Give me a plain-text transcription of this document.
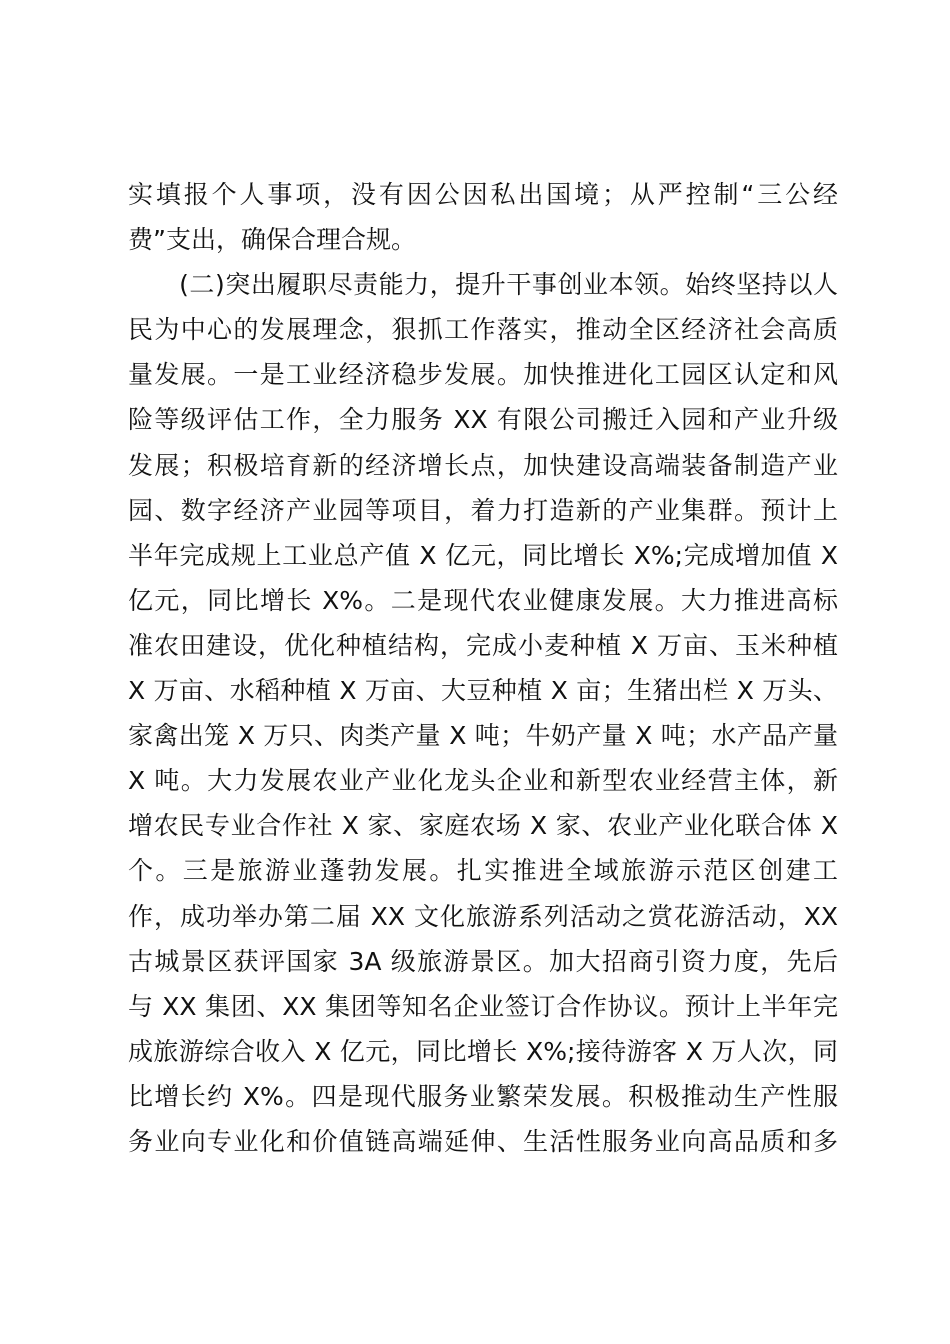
实填报个人事项，没有因公因私出国境；从严控制“三公经
费”支出，确保合理合规。
　　(二)突出履职尽责能力，提升干事创业本领。始终坚持以人
民为中心的发展理念，狠抓工作落实，推动全区经济社会高质
量发展。一是工业经济稳步发展。加快推进化工园区认定和风
险等级评估工作，全力服务 XX 有限公司搬迁入园和产业升级
发展；积极培育新的经济增长点，加快建设高端装备制造产业
园、数字经济产业园等项目，着力打造新的产业集群。预计上
半年完成规上工业总产值 X 亿元，同比增长 X%;完成增加值 X
亿元，同比增长 X%。二是现代农业健康发展。大力推进高标
准农田建设，优化种植结构，完成小麦种植 X 万亩、玉米种植
X 万亩、水稻种植 X 万亩、大豆种植 X 亩；生猪出栏 X 万头、
家禽出笼 X 万只、肉类产量 X 吨；牛奶产量 X 吨；水产品产量
X 吨。大力发展农业产业化龙头企业和新型农业经营主体，新
增农民专业合作社 X 家、家庭农场 X 家、农业产业化联合体 X
个。三是旅游业蓬勃发展。扎实推进全域旅游示范区创建工
作，成功举办第二届 XX 文化旅游系列活动之赏花游活动，XX
古城景区获评国家 3A 级旅游景区。加大招商引资力度，先后
与 XX 集团、XX 集团等知名企业签订合作协议。预计上半年完
成旅游综合收入 X 亿元，同比增长 X%;接待游客 X 万人次，同
比增长约 X%。四是现代服务业繁荣发展。积极推动生产性服
务业向专业化和价值链高端延伸、生活性服务业向高品质和多
